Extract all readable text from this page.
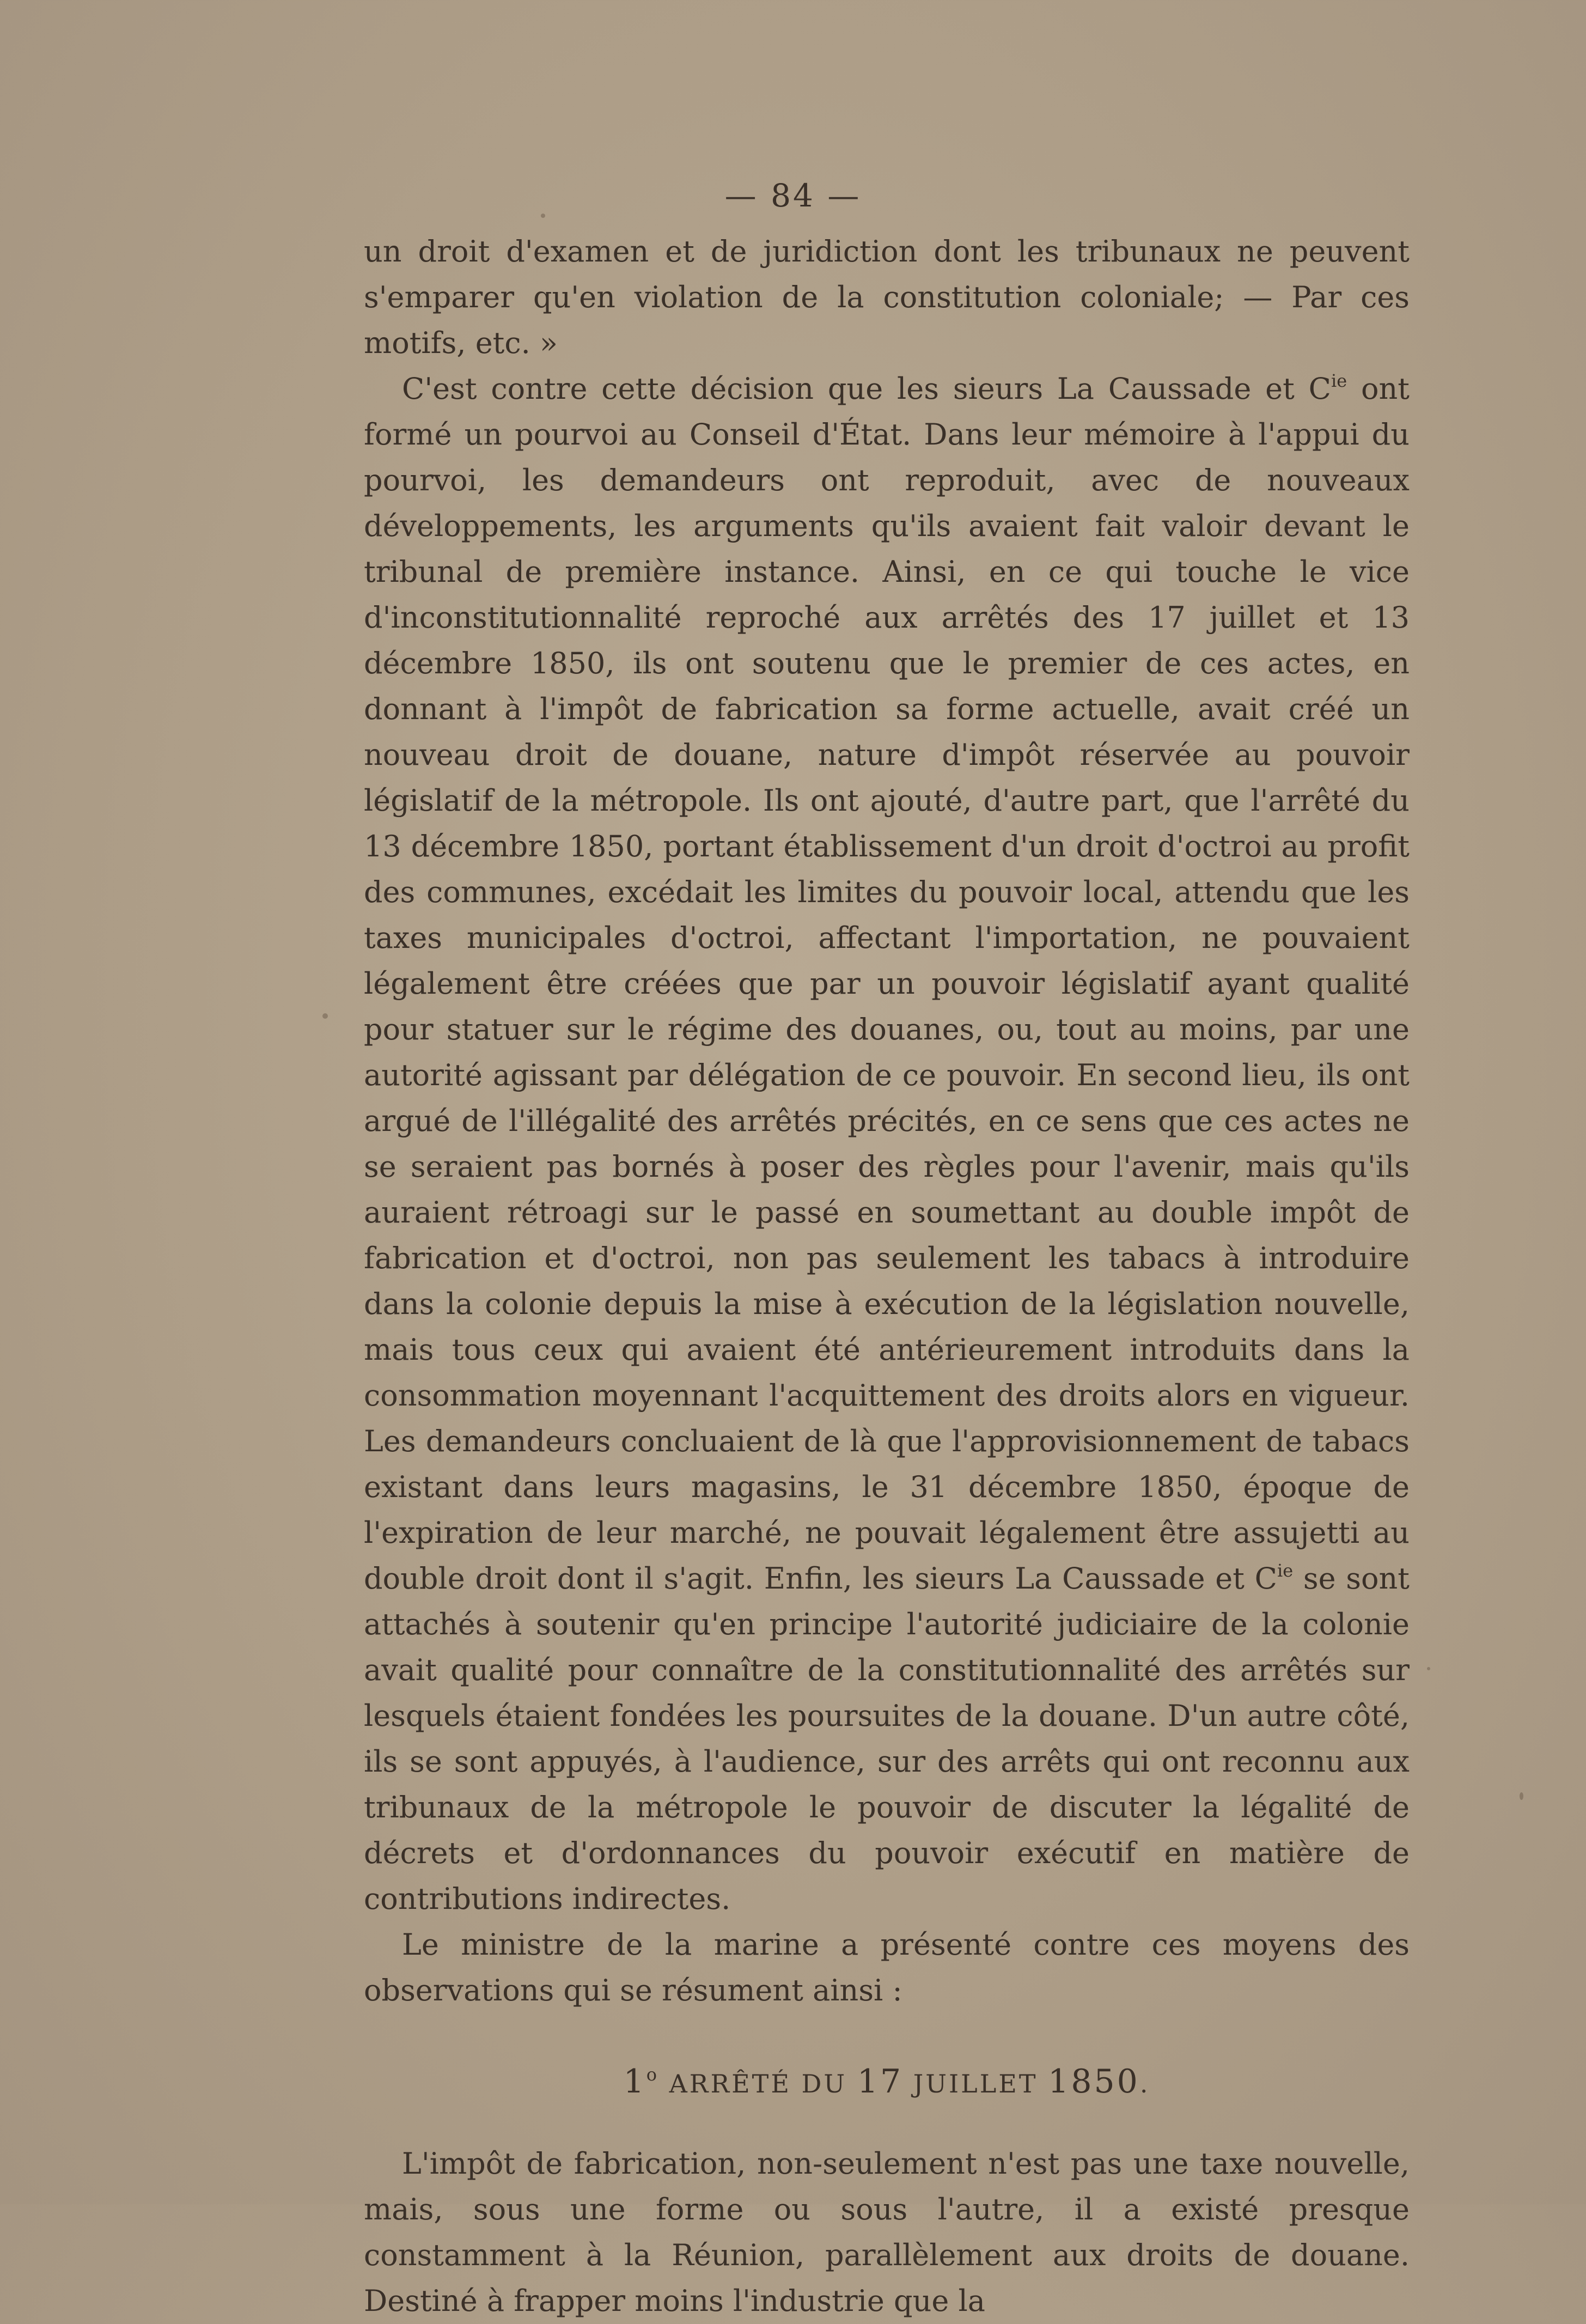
— 84 —

un droit d'examen et de juridiction dont les tribunaux ne peuvent s'emparer qu'en violation de la constitution coloniale; — Par ces motifs, etc. »

C'est contre cette décision que les sieurs La Caussade et $C^{ie}$ ont formé un pourvoi au Conseil d'État. Dans leur mémoire à l'appui du pourvoi, les demandeurs ont reproduit, avec de nouveaux développements, les arguments qu'ils avaient fait valoir devant le tribunal de première instance. Ainsi, en ce qui touche le vice d'inconstitutionnalité reproché aux arrêtés des 17 juillet et 13 décembre 1850, ils ont soutenu que le premier de ces actes, en donnant à l'impôt de fabrication sa forme actuelle, avait créé un nouveau droit de douane, nature d'impôt réservée au pouvoir législatif de la métropole. Ils ont ajouté, d'autre part, que l'arrêté du 13 décembre 1850, portant établissement d'un droit d'octroi au profit des communes, excédait les limites du pouvoir local, attendu que les taxes municipales d'octroi, affectant l'importation, ne pouvaient légalement être créées que par un pouvoir législatif ayant qualité pour statuer sur le régime des douanes, ou, tout au moins, par une autorité agissant par délégation de ce pouvoir. En second lieu, ils ont argué de l'illégalité des arrêtés précités, en ce sens que ces actes ne se seraient pas bornés à poser des règles pour l'avenir, mais qu'ils auraient rétroagi sur le passé en soumettant au double impôt de fabrication et d'octroi, non pas seulement les tabacs à introduire dans la colonie depuis la mise à exécution de la législation nouvelle, mais tous ceux qui avaient été antérieurement introduits dans la consommation moyennant l'acquittement des droits alors en vigueur. Les demandeurs concluaient de là que l'approvisionnement de tabacs existant dans leurs magasins, le 31 décembre 1850, époque de l'expiration de leur marché, ne pouvait légalement être assujetti au double droit dont il s'agit. Enfin, les sieurs La Caussade et $C^{ie}$ se sont attachés à soutenir qu'en principe l'autorité judiciaire de la colonie avait qualité pour connaître de la constitutionnalité des arrêtés sur lesquels étaient fondées les poursuites de la douane. D'un autre côté, ils se sont appuyés, à l'audience, sur des arrêts qui ont reconnu aux tribunaux de la métropole le pouvoir de discuter la légalité de décrets et d'ordonnances du pouvoir exécutif en matière de contributions indirectes.

Le ministre de la marine a présenté contre ces moyens des observations qui se résument ainsi :

1$^o$ ARRÊTÉ DU 17 JUILLET 1850.

L'impôt de fabrication, non-seulement n'est pas une taxe nouvelle, mais, sous une forme ou sous l'autre, il a existé presque constamment à la Réunion, parallèlement aux droits de douane. Destiné à frapper moins l'industrie que la
